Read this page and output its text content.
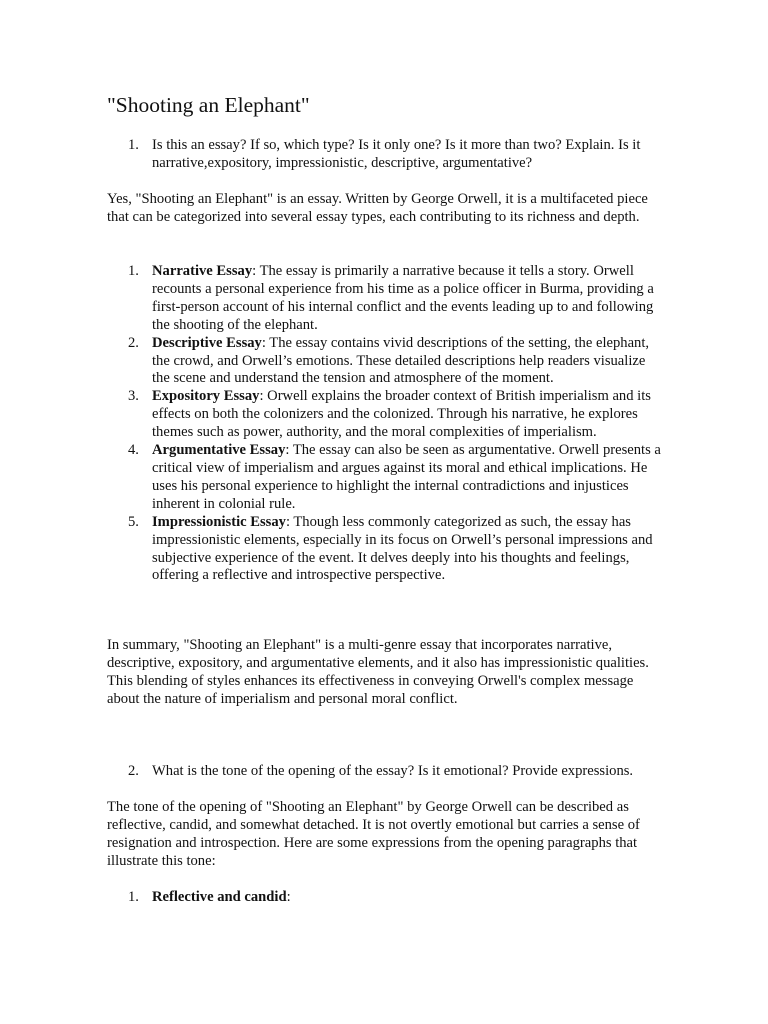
"Shooting an Elephant"
1. Is this an essay? If so, which type? Is it only one? Is it more than two? Explain. Is it narrative,expository, impressionistic, descriptive, argumentative?

Yes, "Shooting an Elephant" is an essay. Written by George Orwell, it is a multifaceted piece that can be categorized into several essay types, each contributing to its richness and depth.

1. Narrative Essay: The essay is primarily a narrative because it tells a story. Orwell recounts a personal experience from his time as a police officer in Burma, providing a first-person account of his internal conflict and the events leading up to and following the shooting of the elephant.
2. Descriptive Essay: The essay contains vivid descriptions of the setting, the elephant, the crowd, and Orwell’s emotions. These detailed descriptions help readers visualize the scene and understand the tension and atmosphere of the moment.
3. Expository Essay: Orwell explains the broader context of British imperialism and its effects on both the colonizers and the colonized. Through his narrative, he explores themes such as power, authority, and the moral complexities of imperialism.
4. Argumentative Essay: The essay can also be seen as argumentative. Orwell presents a critical view of imperialism and argues against its moral and ethical implications. He uses his personal experience to highlight the internal contradictions and injustices inherent in colonial rule.
5. Impressionistic Essay: Though less commonly categorized as such, the essay has impressionistic elements, especially in its focus on Orwell’s personal impressions and subjective experience of the event. It delves deeply into his thoughts and feelings, offering a reflective and introspective perspective.

In summary, "Shooting an Elephant" is a multi-genre essay that incorporates narrative, descriptive, expository, and argumentative elements, and it also has impressionistic qualities. This blending of styles enhances its effectiveness in conveying Orwell's complex message about the nature of imperialism and personal moral conflict.

2. What is the tone of the opening of the essay? Is it emotional? Provide expressions.

The tone of the opening of "Shooting an Elephant" by George Orwell can be described as reflective, candid, and somewhat detached. It is not overtly emotional but carries a sense of resignation and introspection. Here are some expressions from the opening paragraphs that illustrate this tone:

1. Reflective and candid:
